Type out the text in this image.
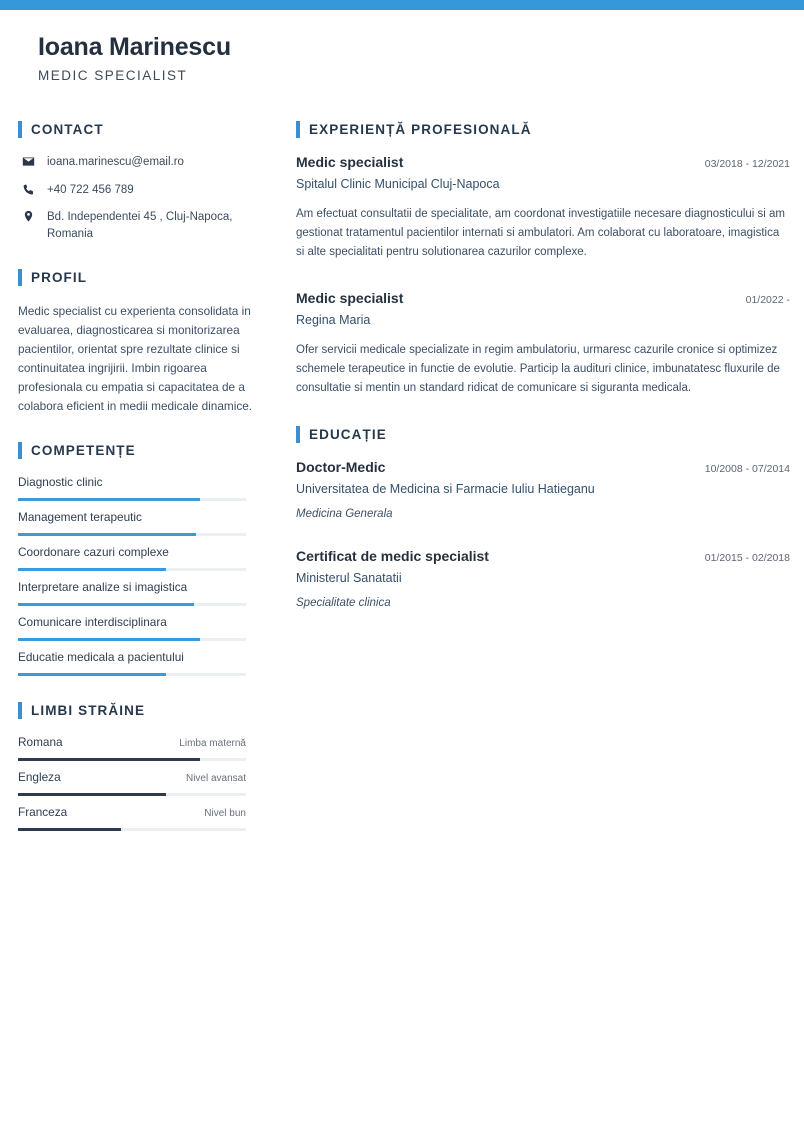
Ioana Marinescu
MEDIC SPECIALIST
CONTACT
ioana.marinescu@email.ro
+40 722 456 789
Bd. Independentei 45 , Cluj-Napoca, Romania
PROFIL
Medic specialist cu experienta consolidata in evaluarea, diagnosticarea si monitorizarea pacientilor, orientat spre rezultate clinice si continuitatea ingrijirii. Imbin rigoarea profesionala cu empatia si capacitatea de a colabora eficient in medii medicale dinamice.
COMPETENȚE
Diagnostic clinic
Management terapeutic
Coordonare cazuri complexe
Interpretare analize si imagistica
Comunicare interdisciplinara
Educatie medicala a pacientului
LIMBI STRĂINE
Romana	Limba maternă
Engleza	Nivel avansat
Franceza	Nivel bun
EXPERIENȚĂ PROFESIONALĂ
Medic specialist	03/2018 - 12/2021
Spitalul Clinic Municipal Cluj-Napoca
Am efectuat consultatii de specialitate, am coordonat investigatiile necesare diagnosticului si am gestionat tratamentul pacientilor internati si ambulatori. Am colaborat cu laboratoare, imagistica si alte specialitati pentru solutionarea cazurilor complexe.
Medic specialist	01/2022 -
Regina Maria
Ofer servicii medicale specializate in regim ambulatoriu, urmaresc cazurile cronice si optimizez schemele terapeutice in functie de evolutie. Particip la audituri clinice, imbunatatesc fluxurile de consultatie si mentin un standard ridicat de comunicare si siguranta medicala.
EDUCAȚIE
Doctor-Medic	10/2008 - 07/2014
Universitatea de Medicina si Farmacie Iuliu Hatieganu
Medicina Generala
Certificat de medic specialist	01/2015 - 02/2018
Ministerul Sanatatii
Specialitate clinica
